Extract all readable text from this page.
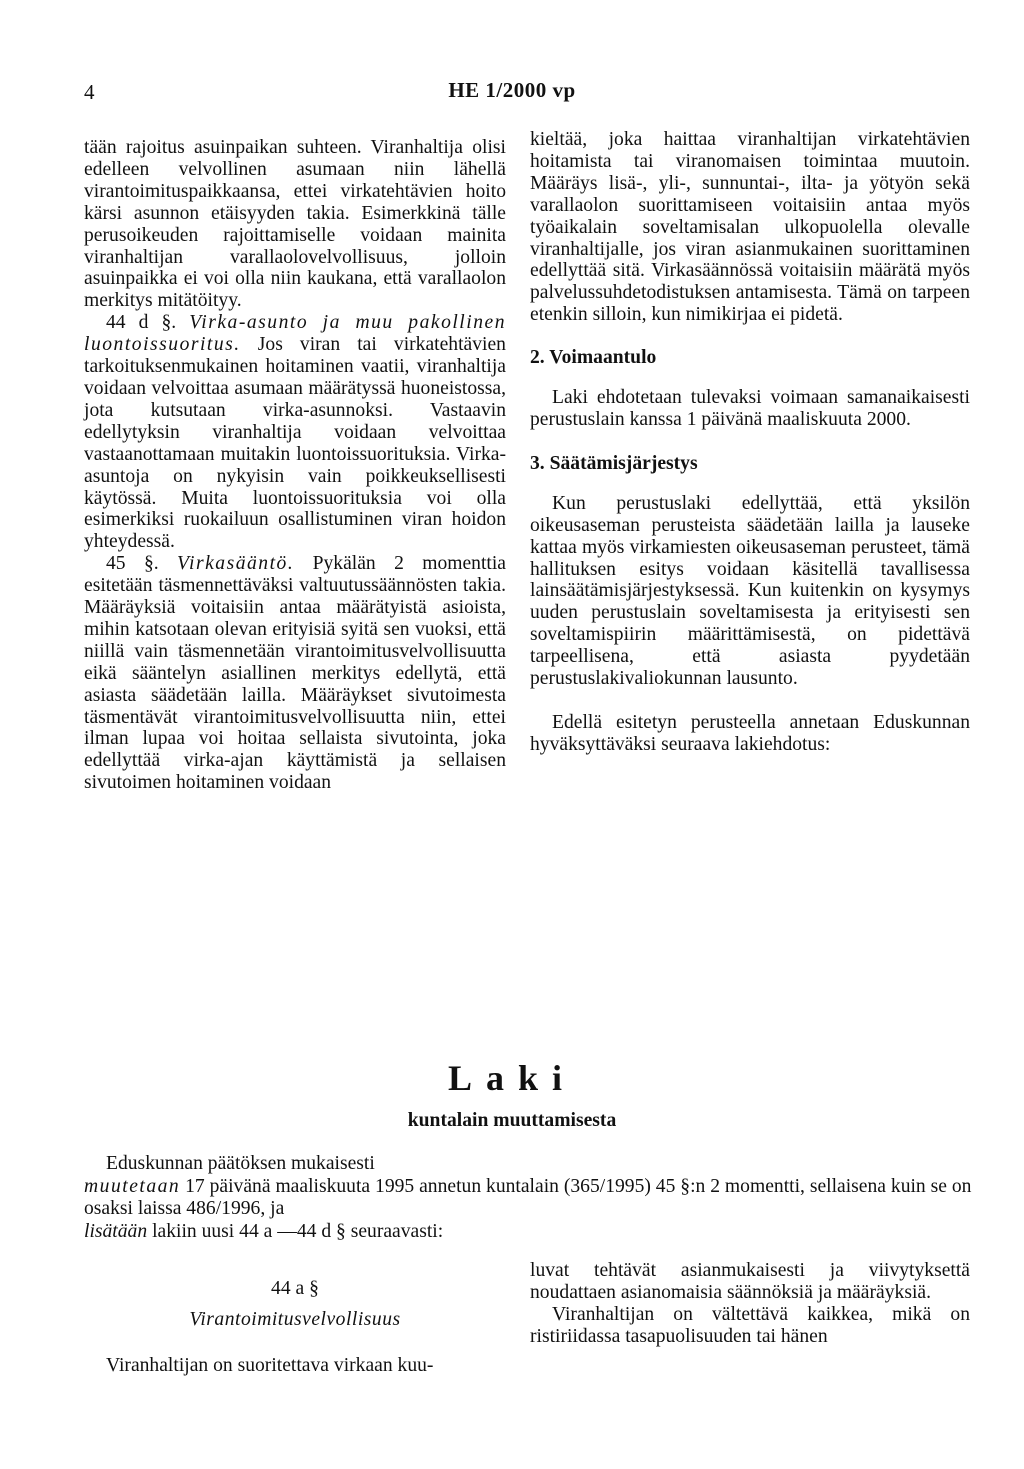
4	HE 1/2000 vp

tään rajoitus asuinpaikan suhteen. Viranhaltija olisi edelleen velvollinen asumaan niin lähellä virantoimituspaikkaansa, ettei virkatehtävien hoito kärsi asunnon etäisyyden takia. Esimerkkinä tälle perusoikeuden rajoittamiselle voidaan mainita viranhaltijan varallaolovelvollisuus, jolloin asuinpaikka ei voi olla niin kaukana, että varallaolon merkitys mitätöityy.

44 d §. Virka-asunto ja muu pakollinen luontoissuoritus. Jos viran tai virkatehtävien tarkoituksenmukainen hoitaminen vaatii, viranhaltija voidaan velvoittaa asumaan määrätyssä huoneistossa, jota kutsutaan virka-asunnoksi. Vastaavin edellytyksin viranhaltija voidaan velvoittaa vastaanottamaan muitakin luontoissuorituksia. Virka-asuntoja on nykyisin vain poikkeuksellisesti käytössä. Muita luontoissuorituksia voi olla esimerkiksi ruokailuun osallistuminen viran hoidon yhteydessä.

45 §. Virkasääntö. Pykälän 2 momenttia esitetään täsmennettäväksi valtuutussäännösten takia. Määräyksiä voitaisiin antaa määrätyistä asioista, mihin katsotaan olevan erityisiä syitä sen vuoksi, että niillä vain täsmennetään virantoimitusvelvollisuutta eikä sääntelyn asiallinen merkitys edellytä, että asiasta säädetään lailla. Määräykset sivutoimesta täsmentävät virantoimitusvelvollisuutta niin, ettei ilman lupaa voi hoitaa sellaista sivutointa, joka edellyttää virka-ajan käyttämistä ja sellaisen sivutoimen hoitaminen voidaan

kieltää, joka haittaa viranhaltijan virkatehtävien hoitamista tai viranomaisen toimintaa muutoin. Määräys lisä-, yli-, sunnuntai-, ilta- ja yötyön sekä varallaolon suorittamiseen voitaisiin antaa myös työaikalain soveltamisalan ulkopuolella olevalle viranhaltijalle, jos viran asianmukainen suorittaminen edellyttää sitä. Virkasäännössä voitaisiin määrätä myös palvelussuhdetodistuksen antamisesta. Tämä on tarpeen etenkin silloin, kun nimikirjaa ei pidetä.

2. Voimaantulo

Laki ehdotetaan tulevaksi voimaan samanaikaisesti perustuslain kanssa 1 päivänä maaliskuuta 2000.

3. Säätämisjärjestys

Kun perustuslaki edellyttää, että yksilön oikeusaseman perusteista säädetään lailla ja lauseke kattaa myös virkamiesten oikeusaseman perusteet, tämä hallituksen esitys voidaan käsitellä tavallisessa lainsäätämisjärjestyksessä. Kun kuitenkin on kysymys uuden perustuslain soveltamisesta ja erityisesti sen soveltamispiirin määrittämisestä, on pidettävä tarpeellisena, että asiasta pyydetään perustuslakivaliokunnan lausunto.

Edellä esitetyn perusteella annetaan Eduskunnan hyväksyttäväksi seuraava lakiehdotus:

Laki
kuntalain muuttamisesta
Eduskunnan päätöksen mukaisesti
muutetaan 17 päivänä maaliskuuta 1995 annetun kuntalain (365/1995) 45 §:n 2 momentti, sellaisena kuin se on osaksi laissa 486/1996, ja
lisätään lakiin uusi 44 a —44 d § seuraavasti:
44 a §
Virantoimitusvelvollisuus
Viranhaltijan on suoritettava virkaan kuu-
luvat tehtävät asianmukaisesti ja viivytyksettä noudattaen asianomaisia säännöksiä ja määräyksiä.
Viranhaltijan on vältettävä kaikkea, mikä on ristiriidassa tasapuolisuuden tai hänen
